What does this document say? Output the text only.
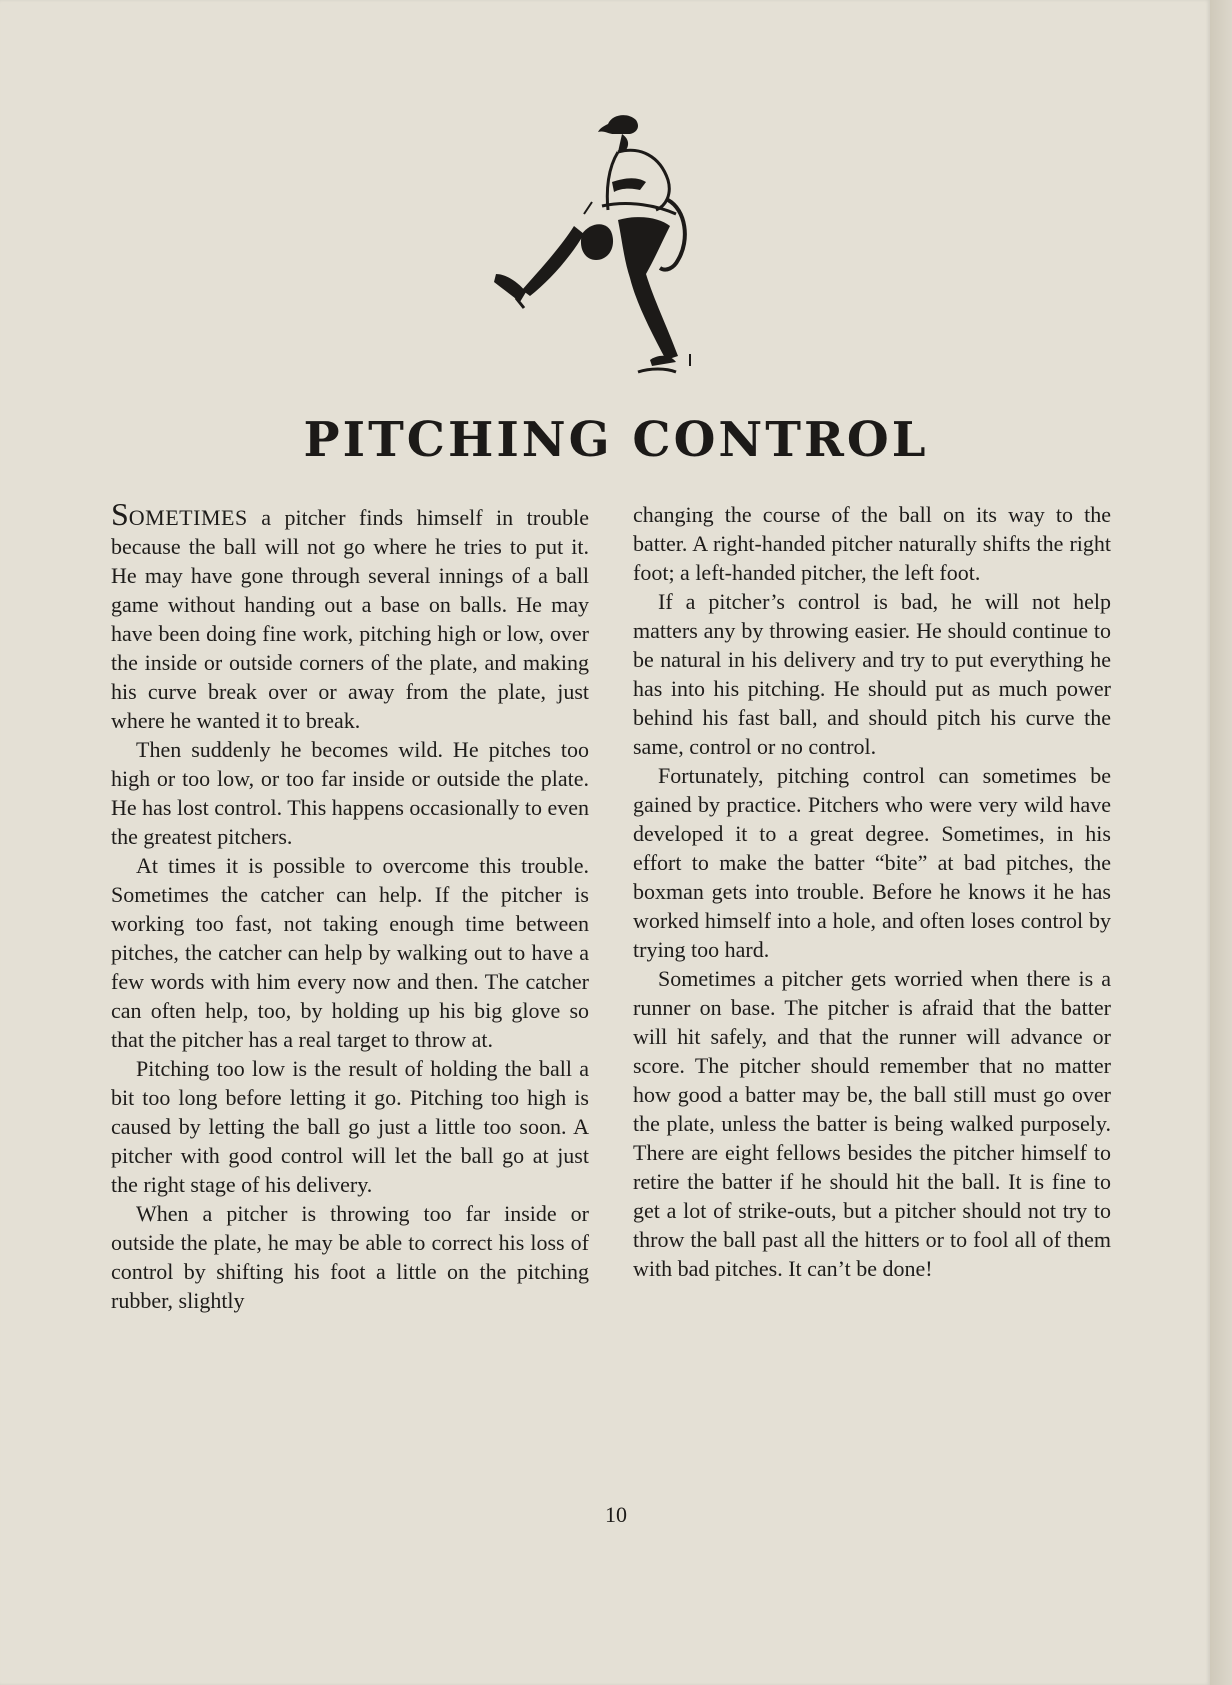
PITCHING CONTROL

SOMETIMES a pitcher finds himself in trouble because the ball will not go where he tries to put it. He may have gone through several innings of a ball game without handing out a base on balls. He may have been doing fine work, pitching high or low, over the inside or outside corners of the plate, and making his curve break over or away from the plate, just where he wanted it to break.

Then suddenly he becomes wild. He pitches too high or too low, or too far inside or outside the plate. He has lost control. This happens occasionally to even the greatest pitchers.

At times it is possible to overcome this trouble. Sometimes the catcher can help. If the pitcher is working too fast, not taking enough time between pitches, the catcher can help by walking out to have a few words with him every now and then. The catcher can often help, too, by holding up his big glove so that the pitcher has a real target to throw at.

Pitching too low is the result of holding the ball a bit too long before letting it go. Pitching too high is caused by letting the ball go just a little too soon. A pitcher with good control will let the ball go at just the right stage of his delivery.

When a pitcher is throwing too far inside or outside the plate, he may be able to correct his loss of control by shifting his foot a little on the pitching rubber, slightly

changing the course of the ball on its way to the batter. A right-handed pitcher naturally shifts the right foot; a left-handed pitcher, the left foot.

If a pitcher’s control is bad, he will not help matters any by throwing easier. He should continue to be natural in his delivery and try to put everything he has into his pitching. He should put as much power behind his fast ball, and should pitch his curve the same, control or no control.

Fortunately, pitching control can sometimes be gained by practice. Pitchers who were very wild have developed it to a great degree. Sometimes, in his effort to make the batter “bite” at bad pitches, the boxman gets into trouble. Before he knows it he has worked himself into a hole, and often loses control by trying too hard.

Sometimes a pitcher gets worried when there is a runner on base. The pitcher is afraid that the batter will hit safely, and that the runner will advance or score. The pitcher should remember that no matter how good a batter may be, the ball still must go over the plate, unless the batter is being walked purposely. There are eight fellows besides the pitcher himself to retire the batter if he should hit the ball. It is fine to get a lot of strike-outs, but a pitcher should not try to throw the ball past all the hitters or to fool all of them with bad pitches. It can’t be done!

10
